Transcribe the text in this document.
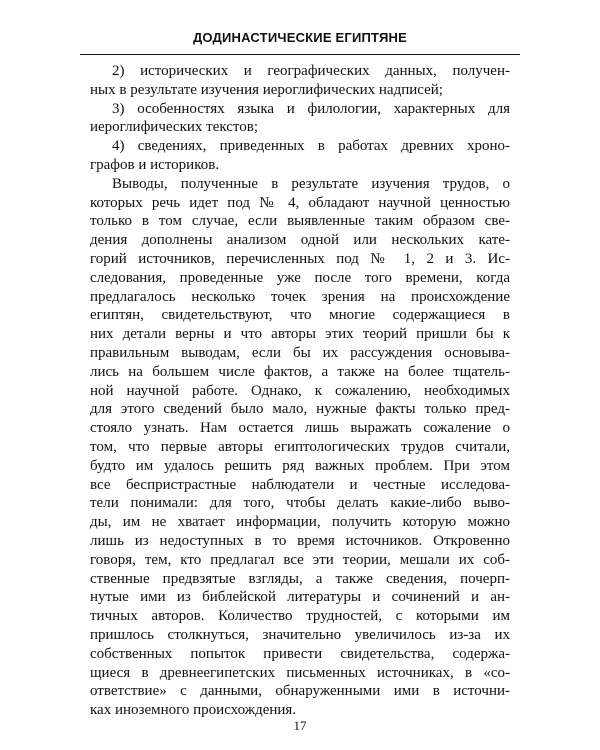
ДОДИНАСТИЧЕСКИЕ ЕГИПТЯНЕ
2) исторических и географических данных, получен-
ных в результате изучения иероглифических надписей;
3) особенностях языка и филологии, характерных для
иероглифических текстов;
4) сведениях, приведенных в работах древних хроно-
графов и историков.
Выводы, полученные в результате изучения трудов, о
которых речь идет под № 4, обладают научной ценностью
только в том случае, если выявленные таким образом све-
дения дополнены анализом одной или нескольких кате-
горий источников, перечисленных под № 1, 2 и 3. Ис-
следования, проведенные уже после того времени, когда
предлагалось несколько точек зрения на происхождение
египтян, свидетельствуют, что многие содержащиеся в
них детали верны и что авторы этих теорий пришли бы к
правильным выводам, если бы их рассуждения основыва-
лись на большем числе фактов, а также на более тщатель-
ной научной работе. Однако, к сожалению, необходимых
для этого сведений было мало, нужные факты только пред-
стояло узнать. Нам остается лишь выражать сожаление о
том, что первые авторы египтологических трудов считали,
будто им удалось решить ряд важных проблем. При этом
все беспристрастные наблюдатели и честные исследова-
тели понимали: для того, чтобы делать какие-либо выво-
ды, им не хватает информации, получить которую можно
лишь из недоступных в то время источников. Откровенно
говоря, тем, кто предлагал все эти теории, мешали их соб-
ственные предвзятые взгляды, а также сведения, почерп-
нутые ими из библейской литературы и сочинений и ан-
тичных авторов. Количество трудностей, с которыми им
пришлось столкнуться, значительно увеличилось из-за их
собственных попыток привести свидетельства, содержа-
щиеся в древнеегипетских письменных источниках, в «со-
ответствие» с данными, обнаруженными ими в источни-
ках иноземного происхождения.
17
